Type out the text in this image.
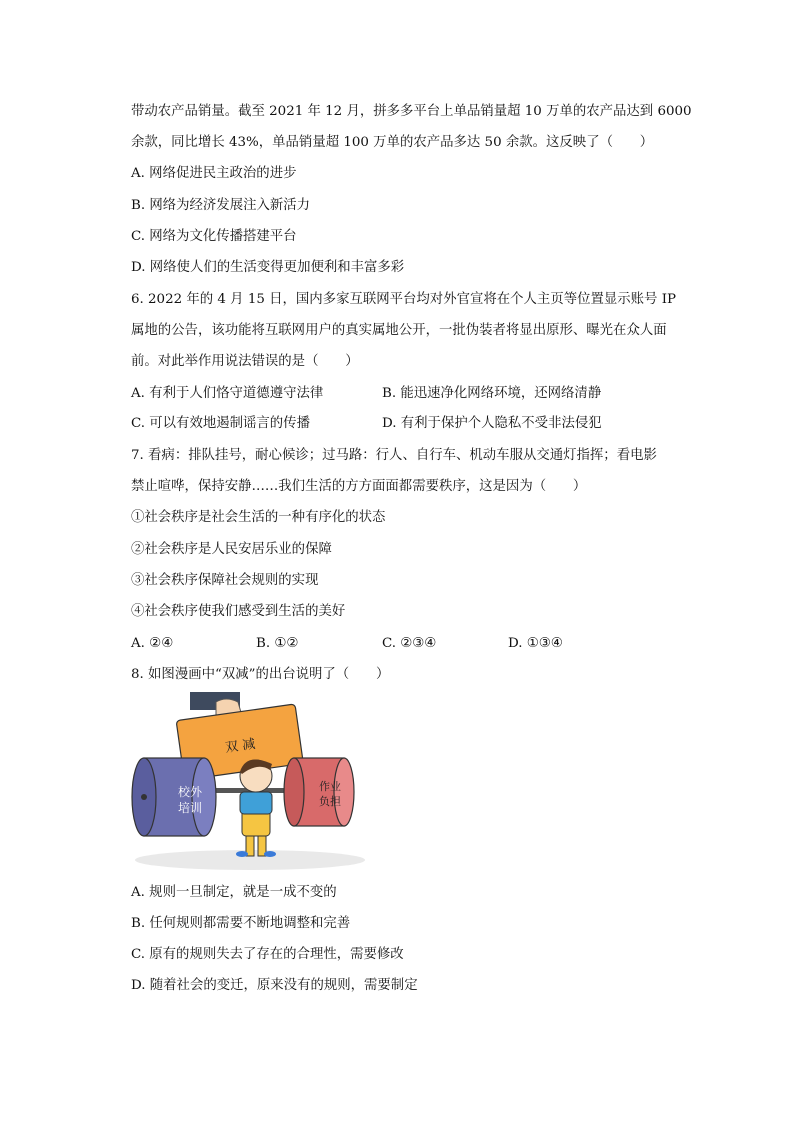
带动农产品销量。截至 2021 年 12 月，拼多多平台上单品销量超 10 万单的农产品达到 6000
余款，同比增长 43%，单品销量超 100 万单的农产品多达 50 余款。这反映了（　　）
A. 网络促进民主政治的进步
B. 网络为经济发展注入新活力
C. 网络为文化传播搭建平台
D. 网络使人们的生活变得更加便利和丰富多彩
6. 2022 年的 4 月 15 日，国内多家互联网平台均对外官宣将在个人主页等位置显示账号 IP
属地的公告，该功能将互联网用户的真实属地公开，一批伪装者将显出原形、曝光在众人面
前。对此举作用说法错误的是（　　）
A. 有利于人们恪守道德遵守法律	B. 能迅速净化网络环境，还网络清静
C. 可以有效地遏制谣言的传播	D. 有利于保护个人隐私不受非法侵犯
7. 看病：排队挂号，耐心候诊；过马路：行人、自行车、机动车服从交通灯指挥；看电影
禁止喧哗，保持安静……我们生活的方方面面都需要秩序，这是因为（　　）
①社会秩序是社会生活的一种有序化的状态
②社会秩序是人民安居乐业的保障
③社会秩序保障社会规则的实现
④社会秩序使我们感受到生活的美好
A. ②④	B. ①②	C. ②③④	D. ①③④
8. 如图漫画中“双减”的出台说明了（　　）
双 减
校外
培训
作业
负担
A. 规则一旦制定，就是一成不变的
B. 任何规则都需要不断地调整和完善
C. 原有的规则失去了存在的合理性，需要修改
D. 随着社会的变迁，原来没有的规则，需要制定
